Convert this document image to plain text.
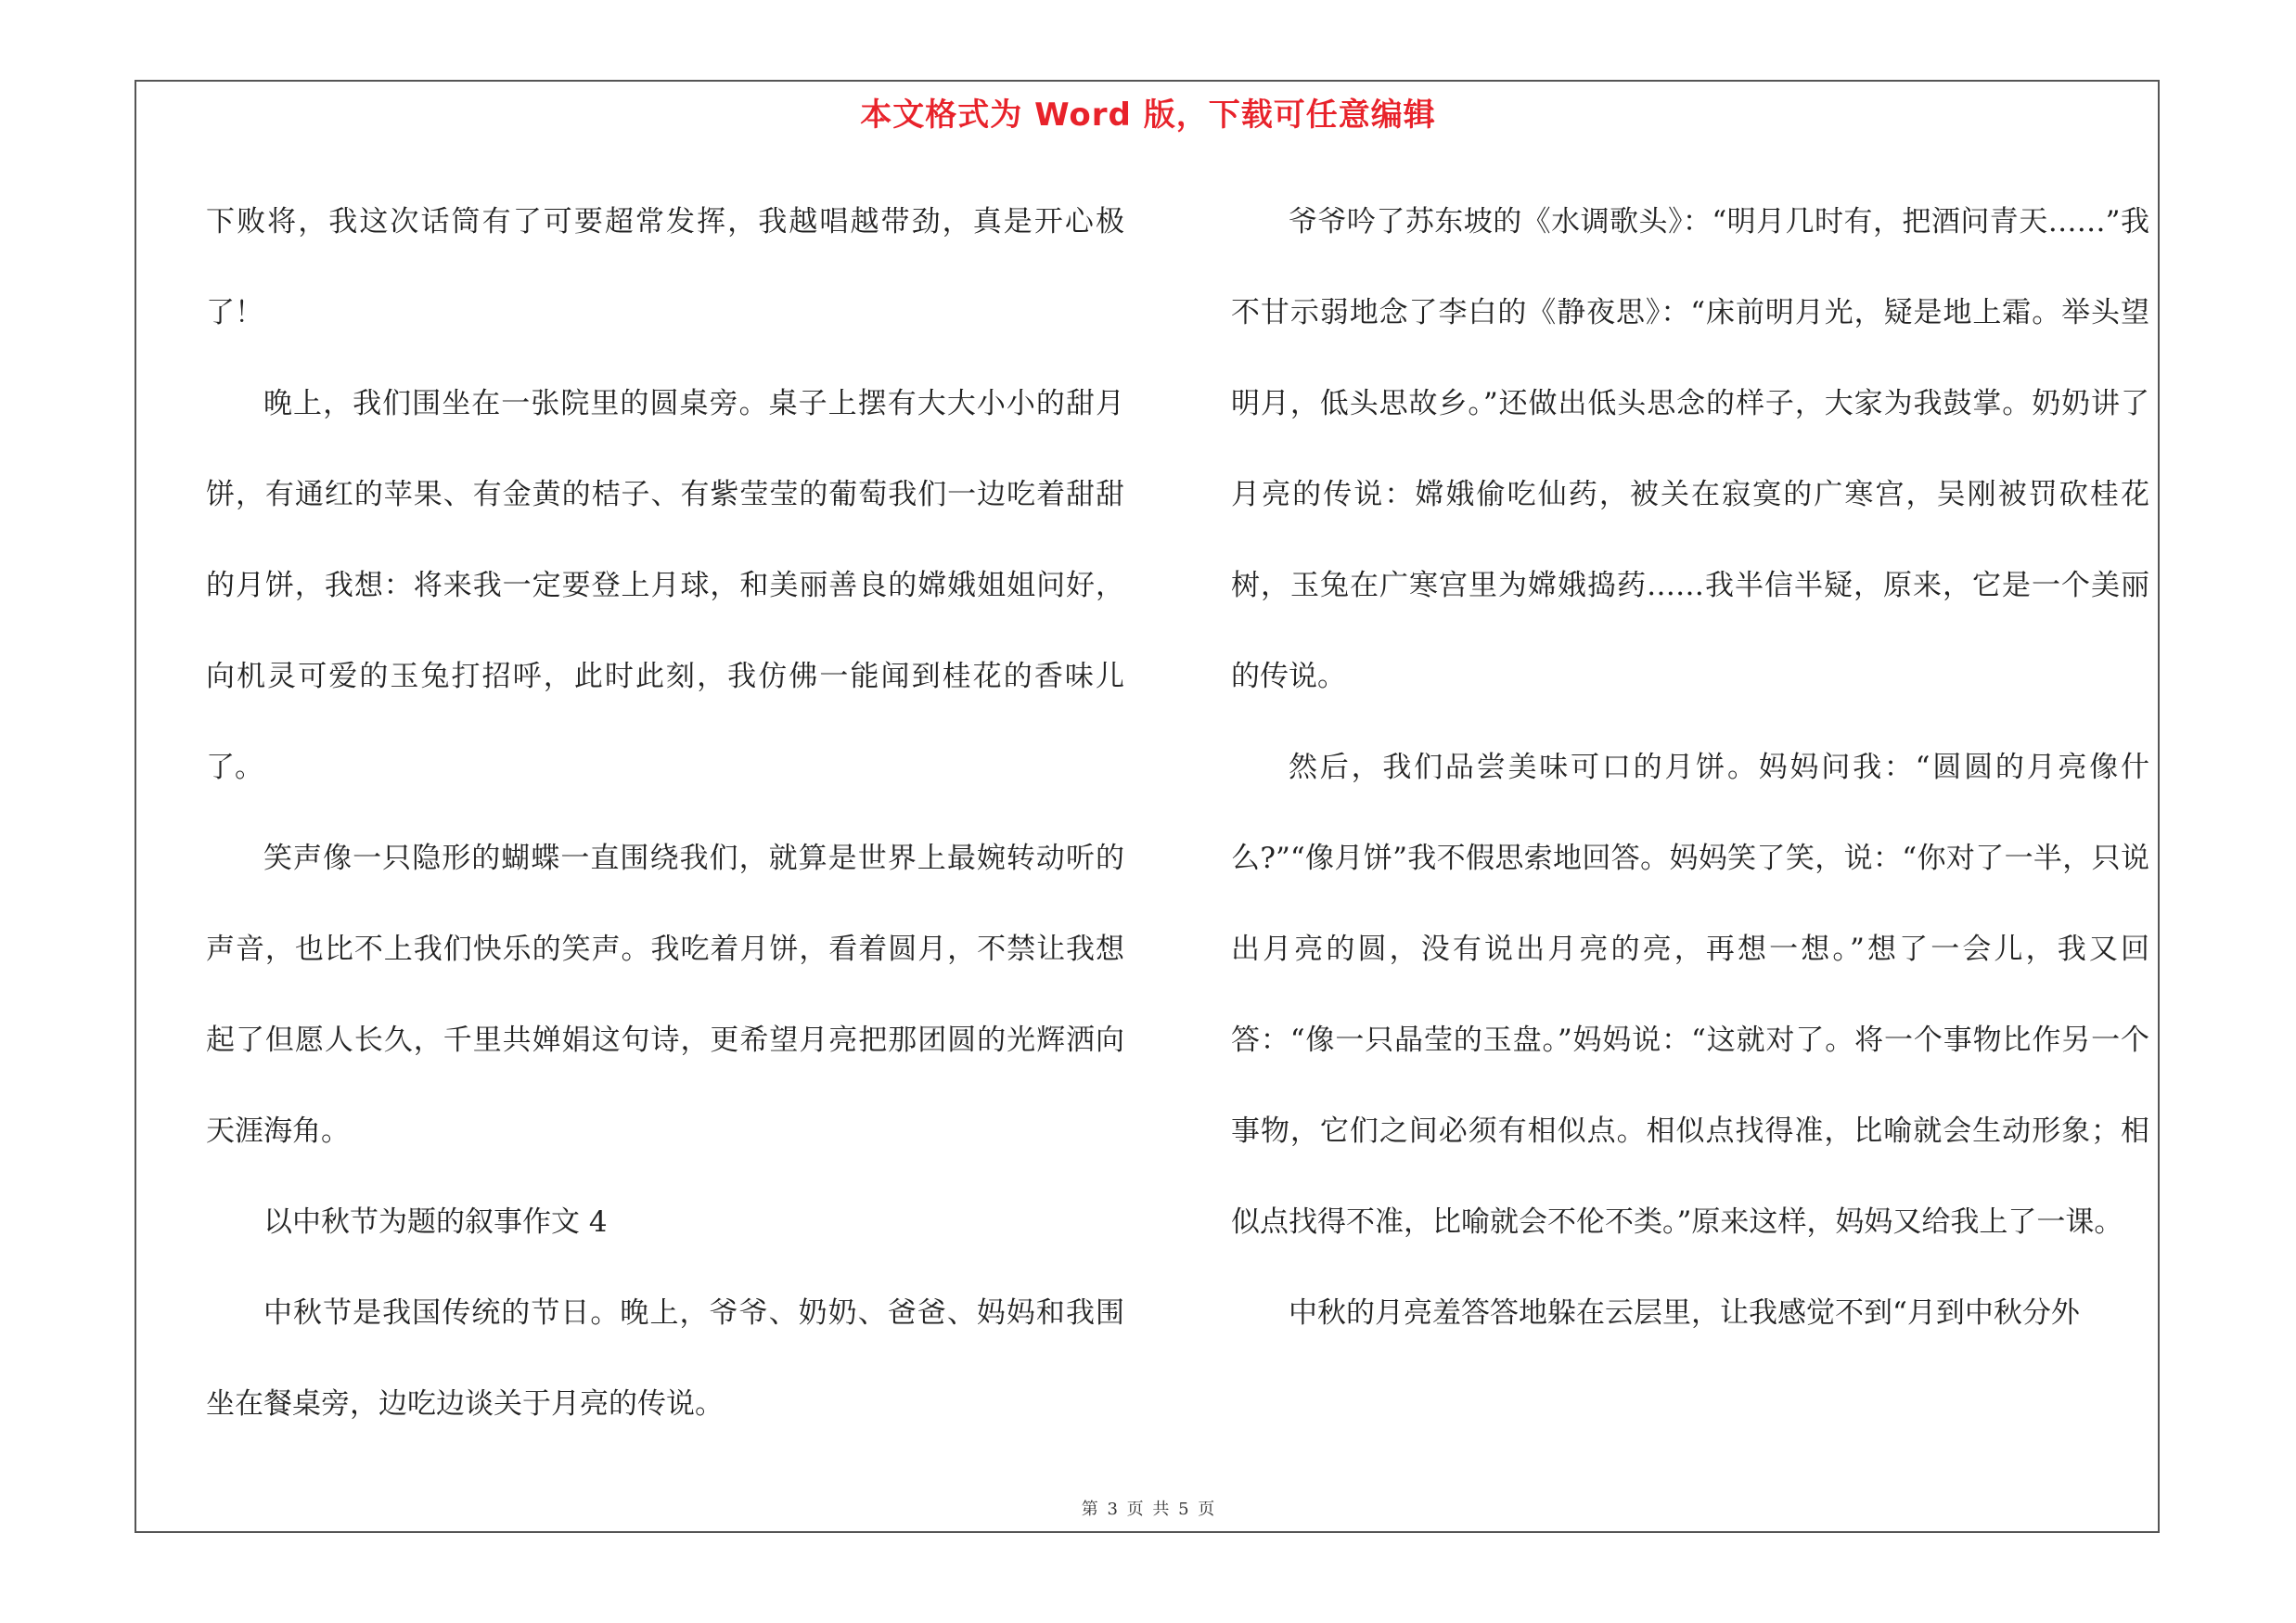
本文格式为 Word 版，下载可任意编辑

下败将，我这次话筒有了可要超常发挥，我越唱越带劲，真是开心极了！

晚上，我们围坐在一张院里的圆桌旁。桌子上摆有大大小小的甜月饼，有通红的苹果、有金黄的桔子、有紫莹莹的葡萄我们一边吃着甜甜的月饼，我想：将来我一定要登上月球，和美丽善良的嫦娥姐姐问好，向机灵可爱的玉兔打招呼，此时此刻，我仿佛一能闻到桂花的香味儿了。

笑声像一只隐形的蝴蝶一直围绕我们，就算是世界上最婉转动听的声音，也比不上我们快乐的笑声。我吃着月饼，看着圆月，不禁让我想起了但愿人长久，千里共婵娟这句诗，更希望月亮把那团圆的光辉洒向天涯海角。

以中秋节为题的叙事作文 4

中秋节是我国传统的节日。晚上，爷爷、奶奶、爸爸、妈妈和我围坐在餐桌旁，边吃边谈关于月亮的传说。

爷爷吟了苏东坡的《水调歌头》：“明月几时有，把酒问青天……”我不甘示弱地念了李白的《静夜思》：“床前明月光，疑是地上霜。举头望明月，低头思故乡。”还做出低头思念的样子，大家为我鼓掌。奶奶讲了月亮的传说：嫦娥偷吃仙药，被关在寂寞的广寒宫，吴刚被罚砍桂花树，玉兔在广寒宫里为嫦娥捣药……我半信半疑，原来，它是一个美丽的传说。

然后，我们品尝美味可口的月饼。妈妈问我：“圆圆的月亮像什么?”“像月饼”我不假思索地回答。妈妈笑了笑，说：“你对了一半，只说出月亮的圆，没有说出月亮的亮，再想一想。”想了一会儿，我又回答：“像一只晶莹的玉盘。”妈妈说：“这就对了。将一个事物比作另一个事物，它们之间必须有相似点。相似点找得准，比喻就会生动形象；相似点找得不准，比喻就会不伦不类。”原来这样，妈妈又给我上了一课。

中秋的月亮羞答答地躲在云层里，让我感觉不到“月到中秋分外

第 3 页 共 5 页
